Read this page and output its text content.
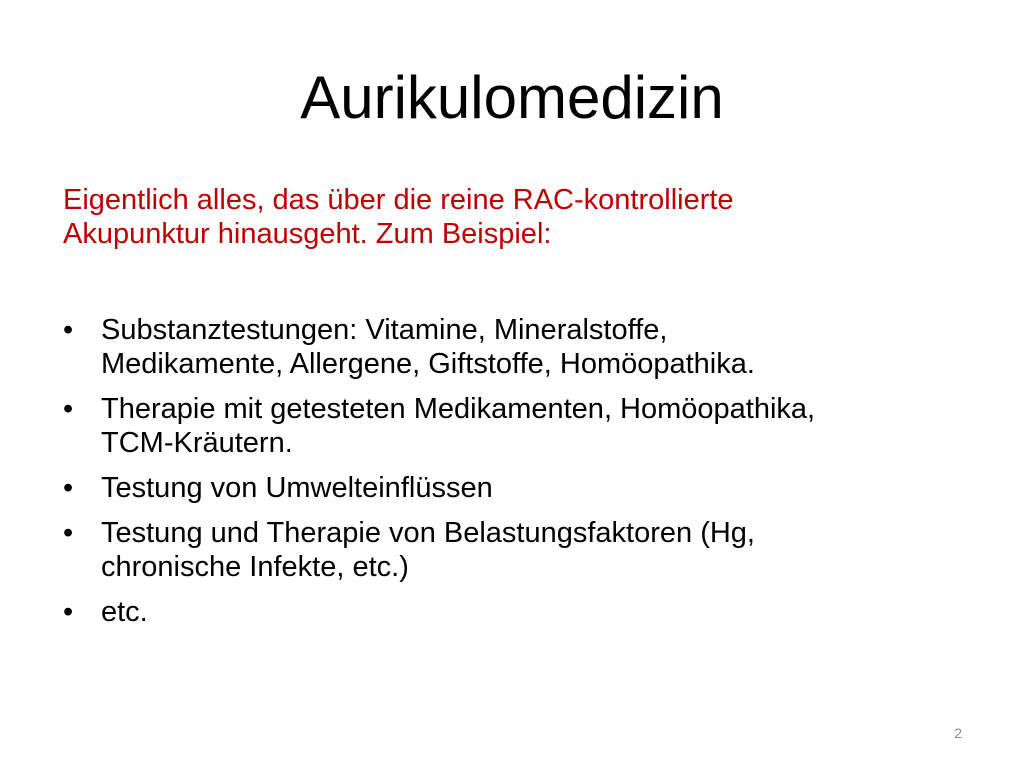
Aurikulomedizin

Eigentlich alles, das über die reine RAC-kontrollierte

Akupunktur hinausgeht. Zum Beispiel:

• Substanztestungen: Vitamine, Mineralstoffe,
Medikamente, Allergene, Giftstoffe, Homöopathika.
• Therapie mit getesteten Medikamenten, Homöopathika,
TCM-Kräutern.
• Testung von Umwelteinflüssen
• Testung und Therapie von Belastungsfaktoren (Hg,
chronische Infekte, etc.)
• etc.
2
